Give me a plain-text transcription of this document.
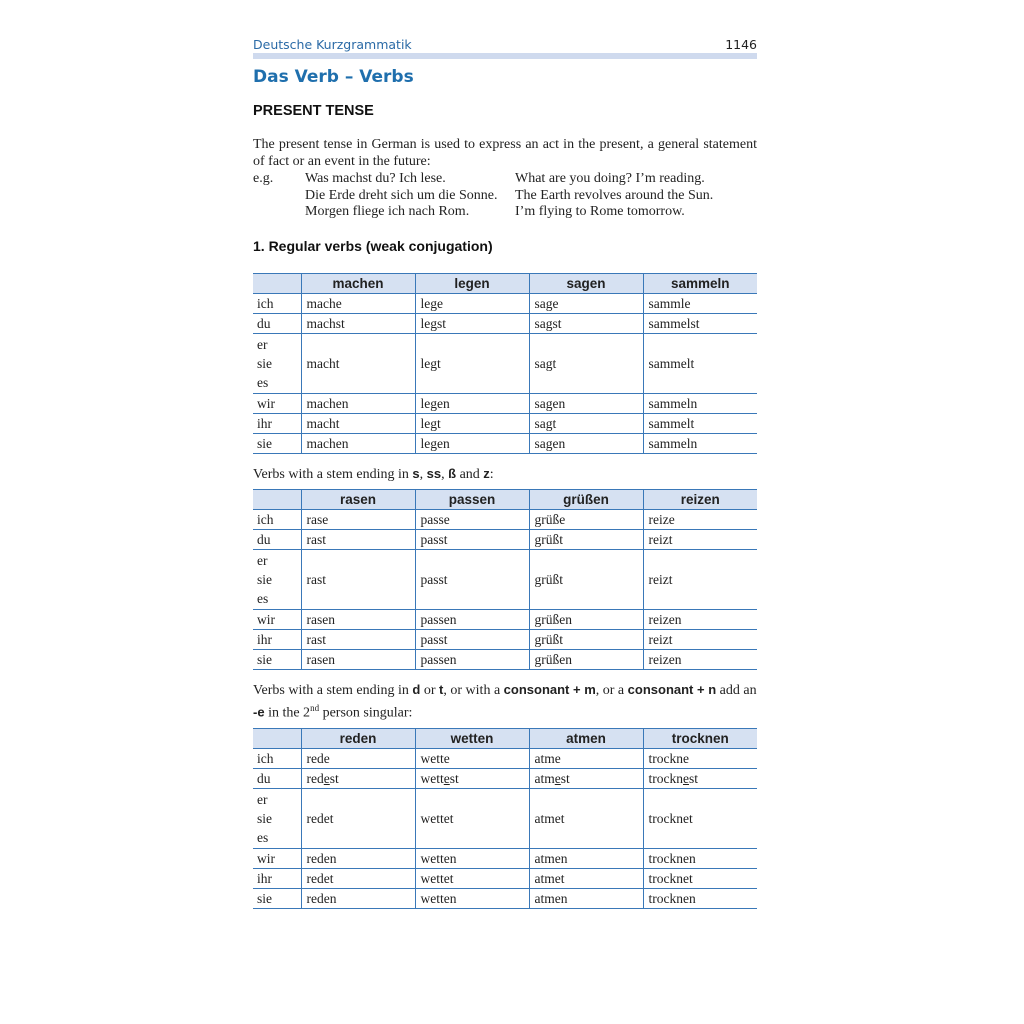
Deutsche Kurzgrammatik	1146
Das Verb – Verbs
PRESENT TENSE

The present tense in German is used to express an act in the present, a general statement of fact or an event in the future:

e.g.	Was machst du? Ich lese.	What are you doing? I’m reading.
Die Erde dreht sich um die Sonne.	The Earth revolves around the Sun.
Morgen fliege ich nach Rom.	I’m flying to Rome tomorrow.
1. Regular verbs (weak conjugation)
	machen	legen	sagen	sammeln
ich	mache	lege	sage	sammle
du	machst	legst	sagst	sammelst

er
sie
es	macht	legt	sagt	sammelt
wir	machen	legen	sagen	sammeln
ihr	macht	legt	sagt	sammelt
sie	machen	legen	sagen	sammeln

Verbs with a stem ending in s, ss, ß and z:

	rasen	passen	grüßen	reizen
ich	rase	passe	grüße	reize
du	rast	passt	grüßt	reizt

er
sie
es	rast	passt	grüßt	reizt
wir	rasen	passen	grüßen	reizen
ihr	rast	passt	grüßt	reizt
sie	rasen	passen	grüßen	reizen

Verbs with a stem ending in d or t, or with a consonant + m, or a consonant + n add an -e in the 2nd person singular:

	reden	wetten	atmen	trocknen
ich	rede	wette	atme	trockne
du	redest	wettest	atmest	trocknest

er
sie
es	redet	wettet	atmet	trocknet
wir	reden	wetten	atmen	trocknen
ihr	redet	wettet	atmet	trocknet
sie	reden	wetten	atmen	trocknen
